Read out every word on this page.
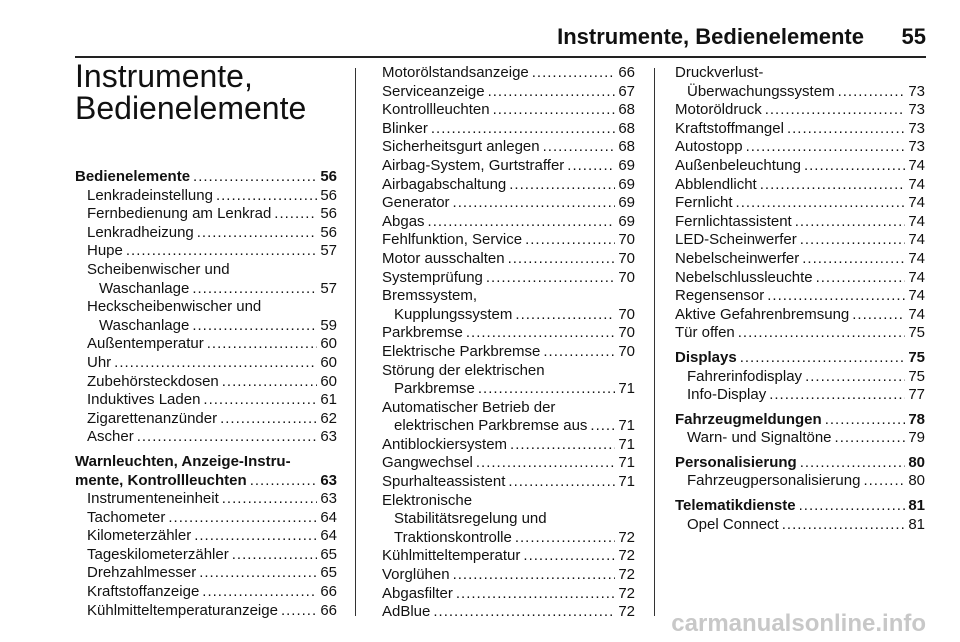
Instrumente, Bedienelemente 55
Instrumente,
Bedienelemente
Bedienelemente .....	56
Lenkradeinstellung .....	56
Fernbedienung am Lenkrad .....	56
Lenkradheizung .....	56
Hupe .....	57
Scheibenwischer und
Waschanlage .....	57
Heckscheibenwischer und
Waschanlage .....	59
Außentemperatur .....	60
Uhr .....	60
Zubehörsteckdosen .....	60
Induktives Laden .....	61
Zigarettenanzünder .....	62
Ascher .....	63
Warnleuchten, Anzeige-Instru-
mente, Kontrollleuchten .....	63
Instrumenteneinheit .....	63
Tachometer .....	64
Kilometerzähler .....	64
Tageskilometerzähler .....	65
Drehzahlmesser .....	65
Kraftstoffanzeige .....	66
Kühlmitteltemperaturanzeige .....	66
Motorölstandsanzeige .....	66
Serviceanzeige .....	67
Kontrollleuchten .....	68
Blinker .....	68
Sicherheitsgurt anlegen .....	68
Airbag-System, Gurtstraffer .....	69
Airbagabschaltung .....	69
Generator .....	69
Abgas .....	69
Fehlfunktion, Service .....	70
Motor ausschalten .....	70
Systemprüfung .....	70
Bremssystem,
Kupplungssystem .....	70
Parkbremse .....	70
Elektrische Parkbremse .....	70
Störung der elektrischen
Parkbremse .....	71
Automatischer Betrieb der
elektrischen Parkbremse aus ..... 71
Antiblockiersystem .....	71
Gangwechsel .....	71
Spurhalteassistent .....	71
Elektronische
Stabilitätsregelung und
Traktionskontrolle .....	72
Kühlmitteltemperatur .....	72
Vorglühen .....	72
Abgasfilter .....	72
AdBlue .....	72
Druckverlust-
Überwachungssystem .....	73
Motoröldruck .....	73
Kraftstoffmangel .....	73
Autostopp .....	73
Außenbeleuchtung .....	74
Abblendlicht .....	74
Fernlicht .....	74
Fernlichtassistent .....	74
LED-Scheinwerfer .....	74
Nebelscheinwerfer .....	74
Nebelschlussleuchte .....	74
Regensensor .....	74
Aktive Gefahrenbremsung .....	74
Tür offen .....	75
Displays .....	75
Fahrerinfodisplay .....	75
Info-Display .....	77
Fahrzeugmeldungen .....	78
Warn- und Signaltöne .....	79
Personalisierung .....	80
Fahrzeugpersonalisierung .....	80
Telematikdienste .....	81
Opel Connect .....	81
carmanualsonline.info
